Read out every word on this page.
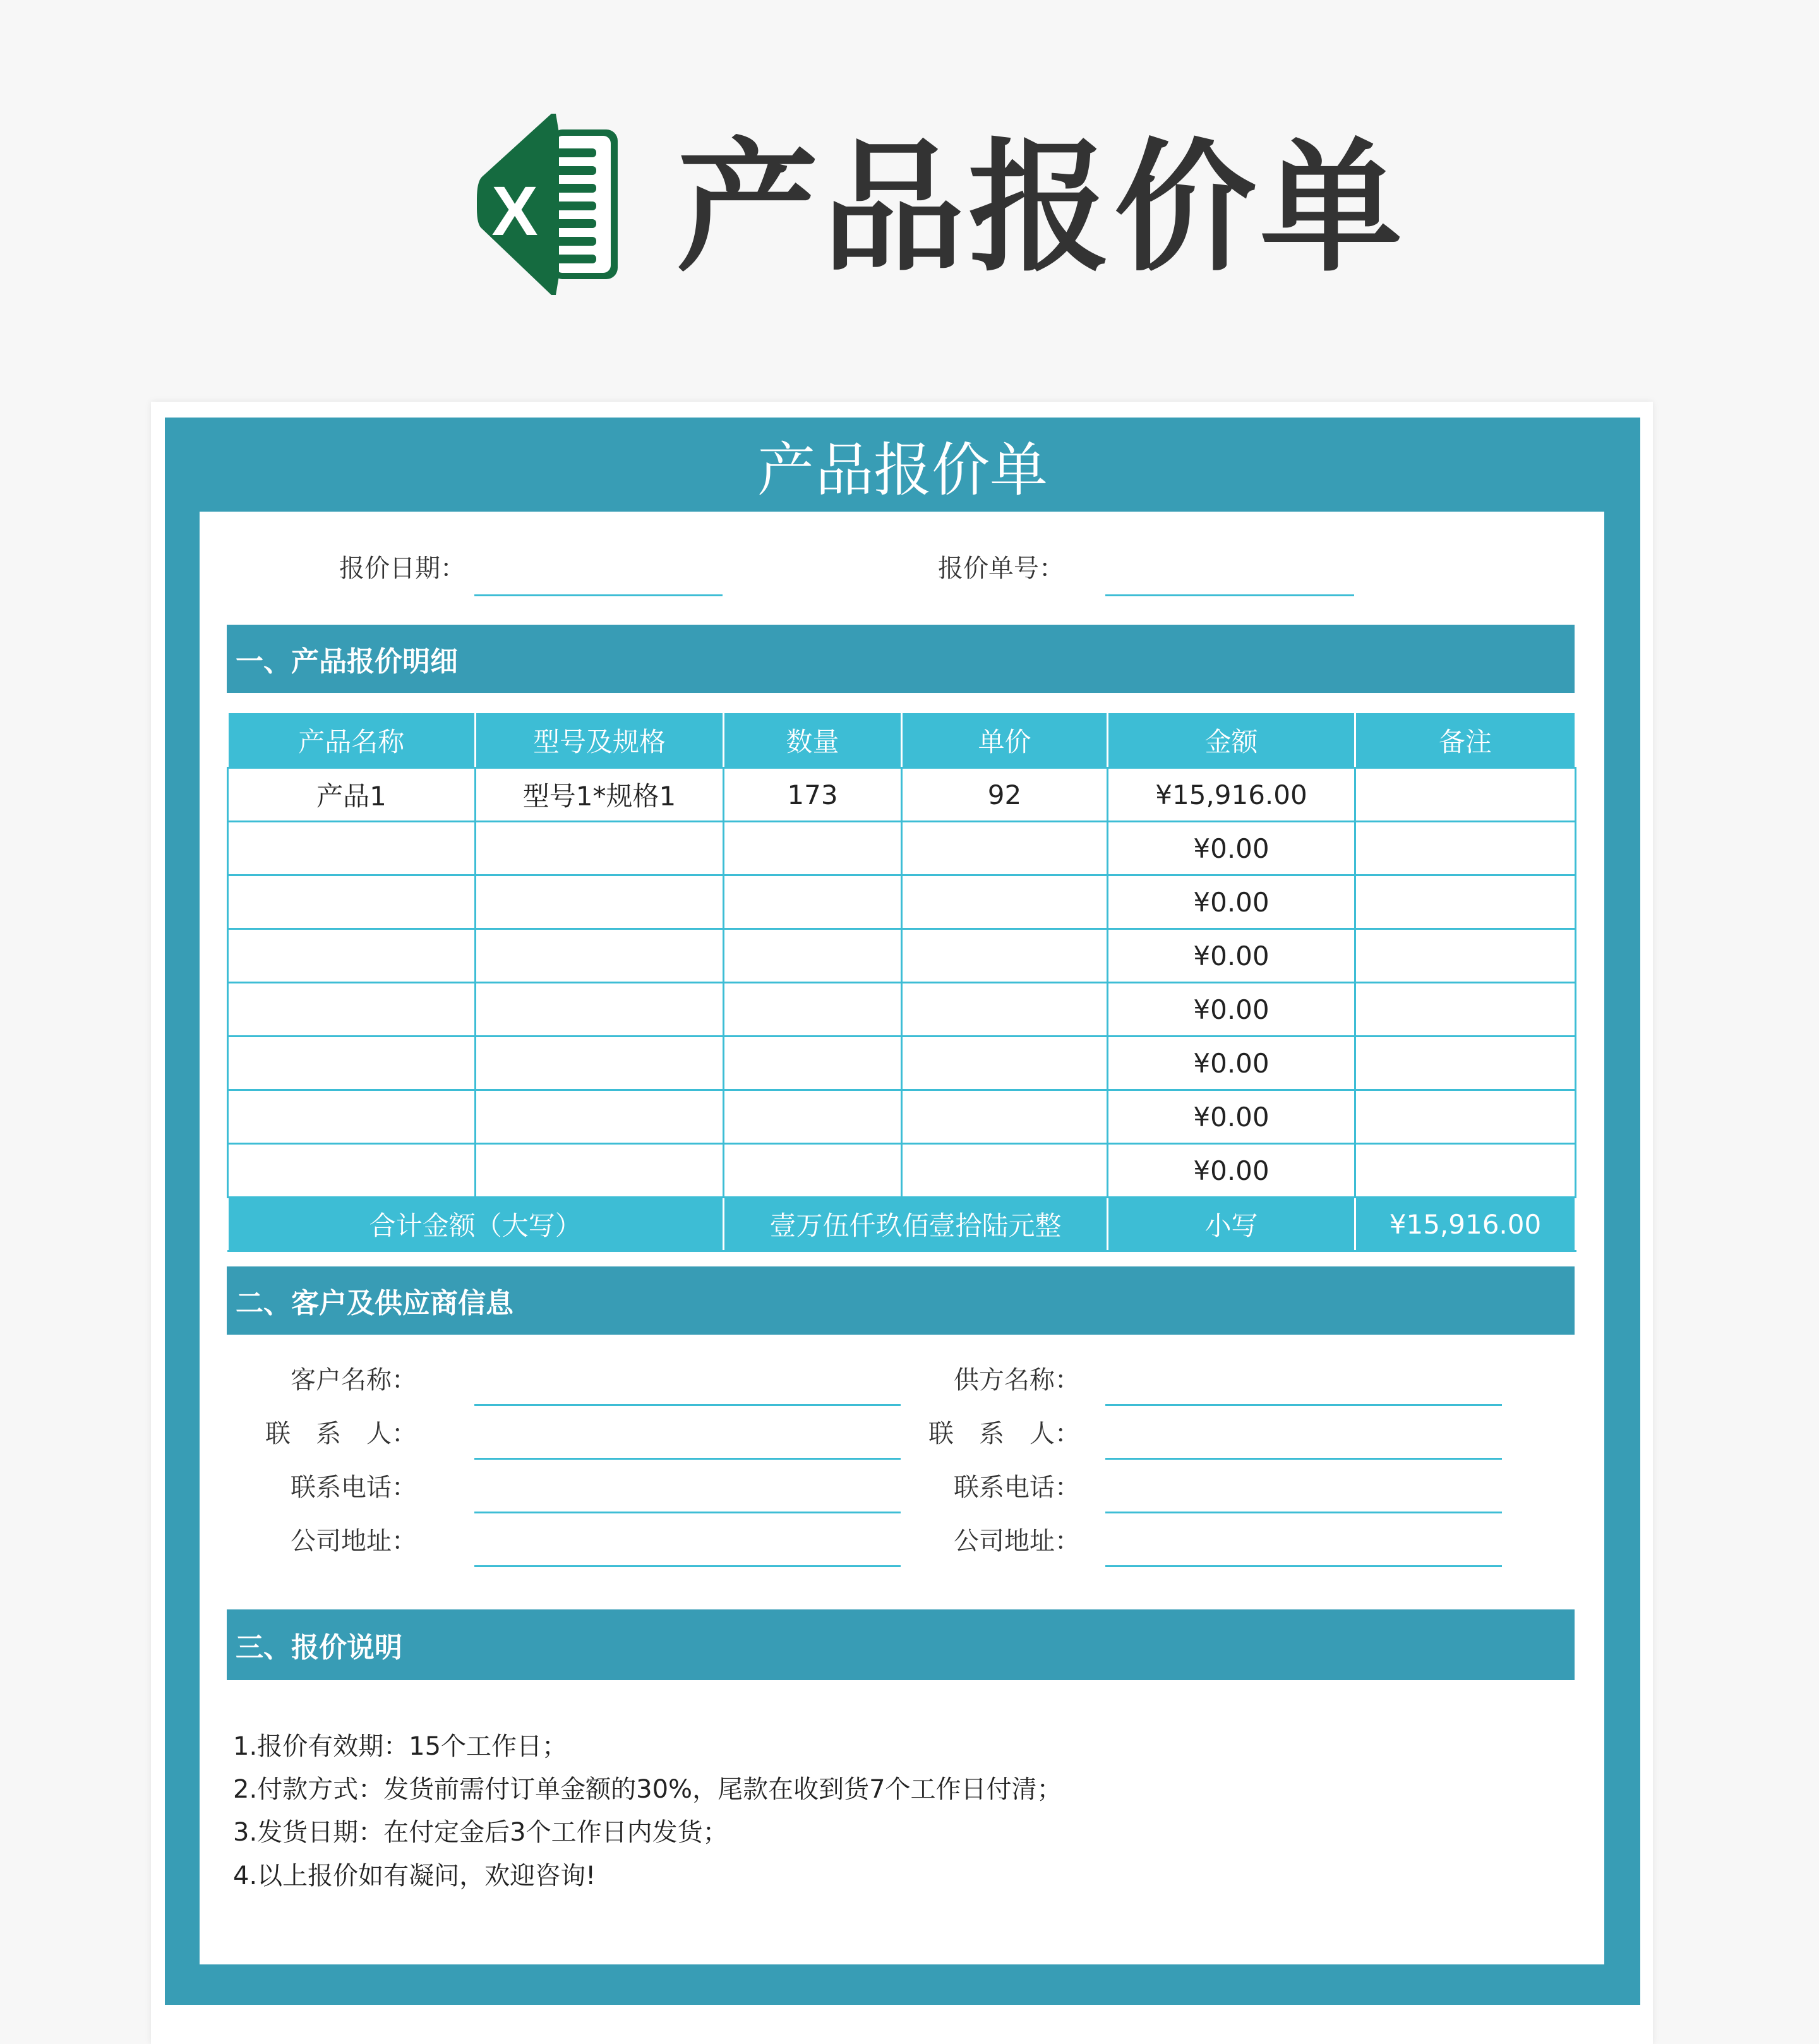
X 产品报价单
产品报价单
报价日期：	报价单号：
一、产品报价明细
产品名称	型号及规格	数量	单价	金额	备注
产品1	型号1*规格1	173	92	¥15,916.00	
				¥0.00	
				¥0.00	
				¥0.00	
				¥0.00	
				¥0.00	
				¥0.00	
				¥0.00	
合计金额（大写）		壹万伍仟玖佰壹拾陆元整		小写	¥15,916.00
二、客户及供应商信息
客户名称：
联　系　人：
联系电话：
公司地址：
供方名称：
联　系　人：
联系电话：
公司地址：
三、报价说明
1.报价有效期：15个工作日；
2.付款方式：发货前需付订单金额的30%，尾款在收到货7个工作日付清；
3.发货日期：在付定金后3个工作日内发货；
4.以上报价如有凝问，欢迎咨询!
